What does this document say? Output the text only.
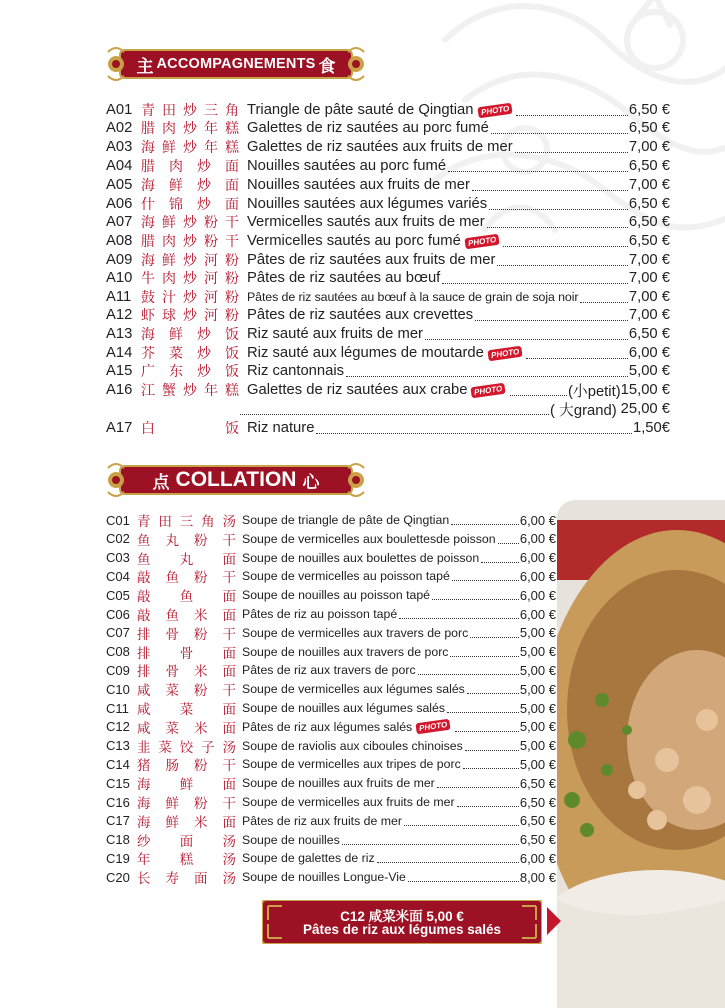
主 ACCOMPAGNEMENTS 食
A01 青 田 炒 三 角 Triangle de pâte sauté de Qingtian PHOTO	6,50 €
A02 腊 肉 炒 年 糕 Galettes de riz sautées au porc fumé	6,50 €
A03 海 鲜 炒 年 糕 Galettes de riz sautées aux fruits de mer	7,00 €
A04 腊 肉 炒 面 Nouilles sautées au porc fumé	6,50 €
A05 海 鲜 炒 面 Nouilles sautées aux fruits de mer	7,00 €
A06 什 锦 炒 面 Nouilles sautées aux légumes variés	6,50 €
A07 海 鲜 炒 粉 干 Vermicelles sautés aux fruits de mer	6,50 €
A08 腊 肉 炒 粉 干 Vermicelles sautés au porc fumé PHOTO	6,50 €
A09 海 鲜 炒 河 粉 Pâtes de riz sautées aux fruits de mer	7,00 €
A10 牛 肉 炒 河 粉 Pâtes de riz sautées au bœuf	7,00 €
A11 鼓 汁 炒 河 粉 Pâtes de riz sautées au bœuf à la sauce de grain de soja noir	7,00 €
A12 虾 球 炒 河 粉 Pâtes de riz sautées aux crevettes	7,00 €
A13 海 鲜 炒 饭 Riz sauté aux fruits de mer	6,50 €
A14 芥 菜 炒 饭 Riz sauté aux légumes de moutarde PHOTO	6,00 €
A15 广 东 炒 饭 Riz cantonnais	5,00 €
A16 江 蟹 炒 年 糕 Galettes de riz sautées aux crabe PHOTO	(小petit) 15,00 €
( 大grand) 25,00 €
A17 白	饭 Riz nature	1,50€
点 COLLATION 心
C01 青 田 三 角 汤 Soupe de triangle de pâte de Qingtian	6,00 €
C02 鱼 丸 粉 干 Soupe de vermicelles aux boulettesde poisson 6,00 €
C03 鱼 丸 面 Soupe de nouilles aux boulettes de poisson	6,00 €
C04 敲 鱼 粉 干 Soupe de vermicelles au poisson tapé	6,00 €
C05 敲 鱼 面 Soupe de nouilles au poisson tapé	6,00 €
C06 敲 鱼 米 面 Pâtes de riz au poisson tapé	6,00 €
C07 排 骨 粉 干 Soupe de vermicelles aux travers de porc	5,00 €
C08 排 骨 面 Soupe de nouilles aux travers de porc	5,00 €
C09 排 骨 米 面 Pâtes de riz aux travers de porc	5,00 €
C10 咸 菜 粉 干 Soupe de vermicelles aux légumes salés	5,00 €
C11 咸 菜 面 Soupe de nouilles aux légumes salés	5,00 €
C12 咸 菜 米 面 Pâtes de riz aux légumes salés PHOTO	5,00 €
C13 韭 菜 饺 子 汤 Soupe de raviolis aux ciboules chinoises	5,00 €
C14 猪 肠 粉 干 Soupe de vermicelles aux tripes de porc	5,00 €
C15 海 鲜 面 Soupe de nouilles aux fruits de mer	6,50 €
C16 海 鲜 粉 干 Soupe de vermicelles aux fruits de mer	6,50 €
C17 海 鲜 米 面 Pâtes de riz aux fruits de mer	6,50 €
C18 纱 面 汤 Soupe de nouilles	6,50 €
C19 年 糕 汤 Soupe de galettes de riz	6,00 €
C20 长 寿 面 汤 Soupe de nouilles Longue-Vie	8,00 €
C12 咸菜米面 5,00 €
Pâtes de riz aux légumes salés
